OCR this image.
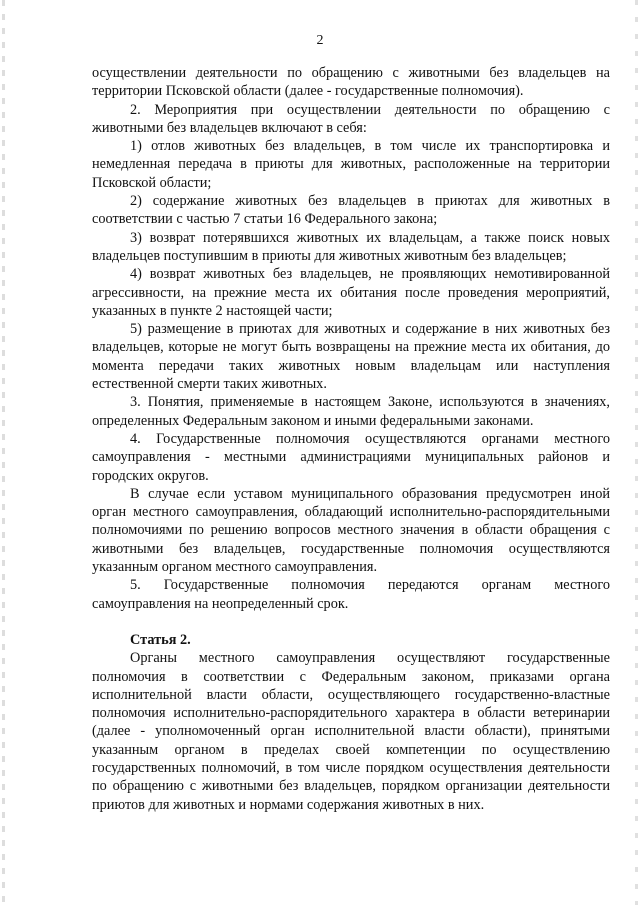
2

осуществлении деятельности по обращению с животными без владельцев на территории Псковской области (далее - государственные полномочия).

2. Мероприятия при осуществлении деятельности по обращению с животными без владельцев включают в себя:

1) отлов животных без владельцев, в том числе их транспортировка и немедленная передача в приюты для животных, расположенные на территории Псковской области;

2) содержание животных без владельцев в приютах для животных в соответствии с частью 7 статьи 16 Федерального закона;

3) возврат потерявшихся животных их владельцам, а также поиск новых владельцев поступившим в приюты для животных животным без владельцев;

4) возврат животных без владельцев, не проявляющих немотивированной агрессивности, на прежние места их обитания после проведения мероприятий, указанных в пункте 2 настоящей части;

5) размещение в приютах для животных и содержание в них животных без владельцев, которые не могут быть возвращены на прежние места их обитания, до момента передачи таких животных новым владельцам или наступления естественной смерти таких животных.

3. Понятия, применяемые в настоящем Законе, используются в значениях, определенных Федеральным законом и иными федеральными законами.

4. Государственные полномочия осуществляются органами местного самоуправления - местными администрациями муниципальных районов и городских округов.

В случае если уставом муниципального образования предусмотрен иной орган местного самоуправления, обладающий исполнительно-распорядительными полномочиями по решению вопросов местного значения в области обращения с животными без владельцев, государственные полномочия осуществляются указанным органом местного самоуправления.

5. Государственные полномочия передаются органам местного самоуправления на неопределенный срок.

Статья 2.

Органы местного самоуправления осуществляют государственные полномочия в соответствии с Федеральным законом, приказами органа исполнительной власти области, осуществляющего государственно-властные полномочия исполнительно-распорядительного характера в области ветеринарии (далее - уполномоченный орган исполнительной власти области), принятыми указанным органом в пределах своей компетенции по осуществлению государственных полномочий, в том числе порядком осуществления деятельности по обращению с животными без владельцев, порядком организации деятельности приютов для животных и нормами содержания животных в них.
